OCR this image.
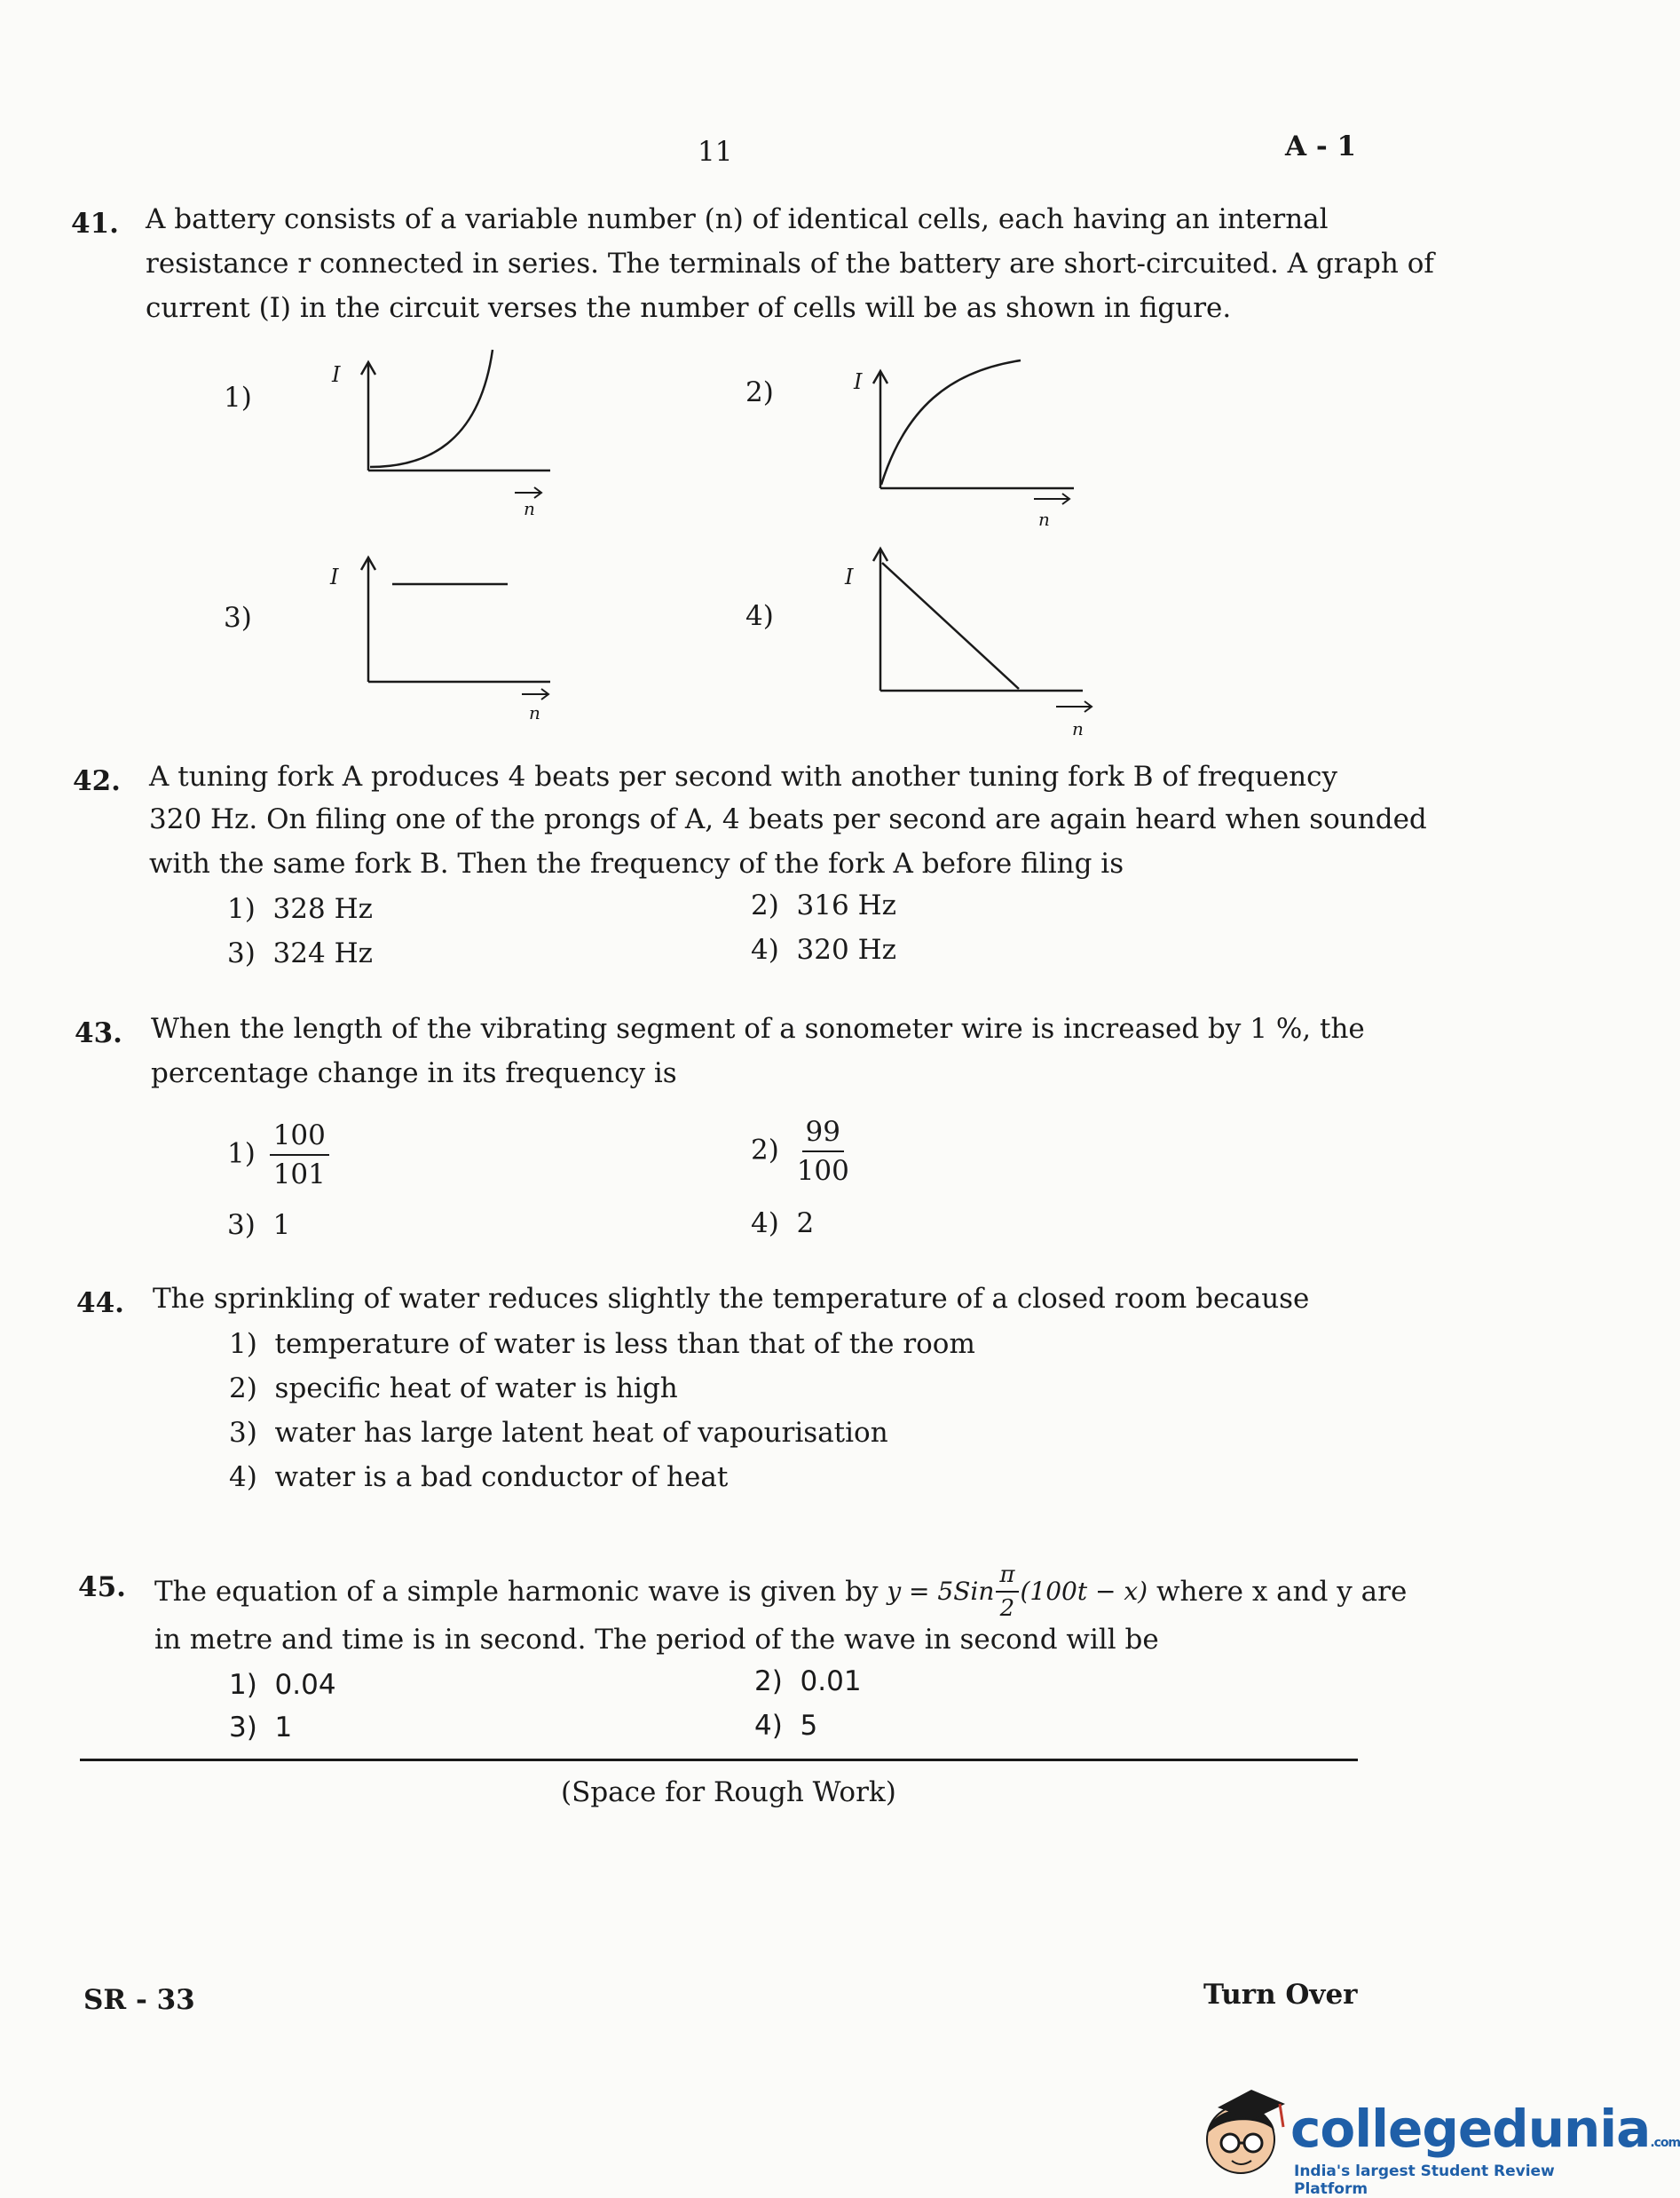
11	A - 1
41. A battery consists of a variable number (n) of identical cells, each having an internal
resistance r connected in series. The terminals of the battery are short-circuited. A graph of
current (I) in the circuit verses the number of cells will be as shown in figure.
1)	2)
3)	4)
I
n
I
n
I
n
I
n
42. A tuning fork A produces 4 beats per second with another tuning fork B of frequency
320 Hz. On filing one of the prongs of A, 4 beats per second are again heard when sounded
with the same fork B. Then the frequency of the fork A before filing is
1) 328 Hz	2) 316 Hz
3) 324 Hz	4) 320 Hz
43. When the length of the vibrating segment of a sonometer wire is increased by 1 %, the
percentage change in its frequency is
$1) \frac{100}{101}$	$2) \frac{99}{100}$
3) 1	4) 2
44. The sprinkling of water reduces slightly the temperature of a closed room because
1) temperature of water is less than that of the room
2) specific heat of water is high
3) water has large latent heat of vapourisation
4) water is a bad conductor of heat
45. The equation of a simple harmonic wave is given by $y = 5Sin \frac{\pi}{2} (100t - x)$ where x and y are
in metre and time is in second. The period of the wave in second will be
1) 0.04	2) 0.01
3) 1	4) 5
(Space for Rough Work)
SR - 33	Turn Over
collegedunia.com
India's largest Student Review Platform
